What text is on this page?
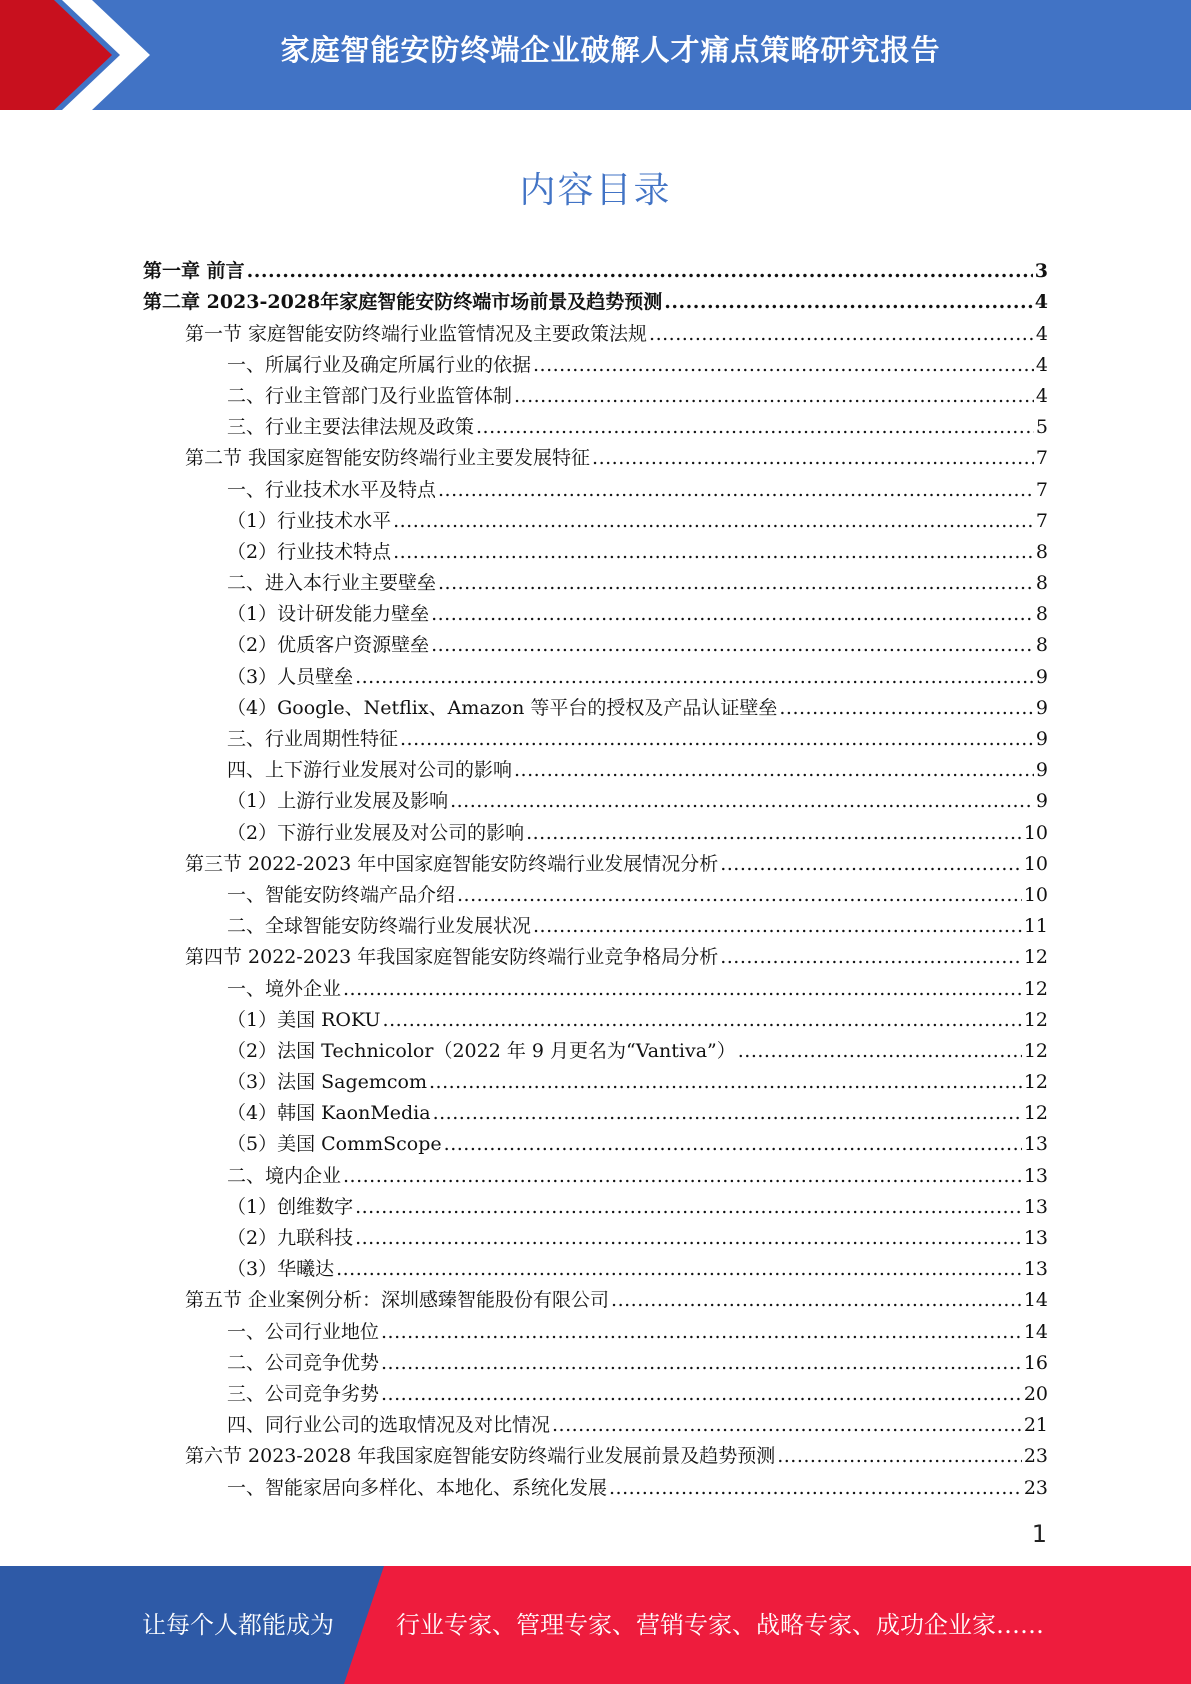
家庭智能安防终端企业破解人才痛点策略研究报告
内容目录
第一章 前言 .....	3
第二章 2023-2028年家庭智能安防终端市场前景及趋势预测 .....	4
第一节 家庭智能安防终端行业监管情况及主要政策法规 .....	4
一、所属行业及确定所属行业的依据 .....	4
二、行业主管部门及行业监管体制 .....	4
三、行业主要法律法规及政策 .....	5
第二节 我国家庭智能安防终端行业主要发展特征 .....	7
一、行业技术水平及特点 .....	7
（1）行业技术水平 .....	7
（2）行业技术特点 .....	8
二、进入本行业主要壁垒 .....	8
（1）设计研发能力壁垒 .....	8
（2）优质客户资源壁垒 .....	8
（3）人员壁垒 .....	9
（4）Google、Netflix、Amazon 等平台的授权及产品认证壁垒 .....	9
三、行业周期性特征 .....	9
四、上下游行业发展对公司的影响 .....	9
（1）上游行业发展及影响 .....	9
（2）下游行业发展及对公司的影响 .....	10
第三节 2022-2023 年中国家庭智能安防终端行业发展情况分析 .....	10
一、智能安防终端产品介绍 .....	10
二、全球智能安防终端行业发展状况 .....	11
第四节 2022-2023 年我国家庭智能安防终端行业竞争格局分析 .....	12
一、境外企业 .....	12
（1）美国 ROKU .....	12
（2）法国 Technicolor（2022 年 9 月更名为“Vantiva”） .....	12
（3）法国 Sagemcom .....	12
（4）韩国 KaonMedia .....	12
（5）美国 CommScope .....	13
二、境内企业 .....	13
（1）创维数字 .....	13
（2）九联科技 .....	13
（3）华曦达 .....	13
第五节 企业案例分析：深圳感臻智能股份有限公司 .....	14
一、公司行业地位 .....	14
二、公司竞争优势 .....	16
三、公司竞争劣势 .....	20
四、同行业公司的选取情况及对比情况 .....	21
第六节 2023-2028 年我国家庭智能安防终端行业发展前景及趋势预测 .....	23
一、智能家居向多样化、本地化、系统化发展 .....	23
1
让每个人都能成为	行业专家、管理专家、营销专家、战略专家、成功企业家……
